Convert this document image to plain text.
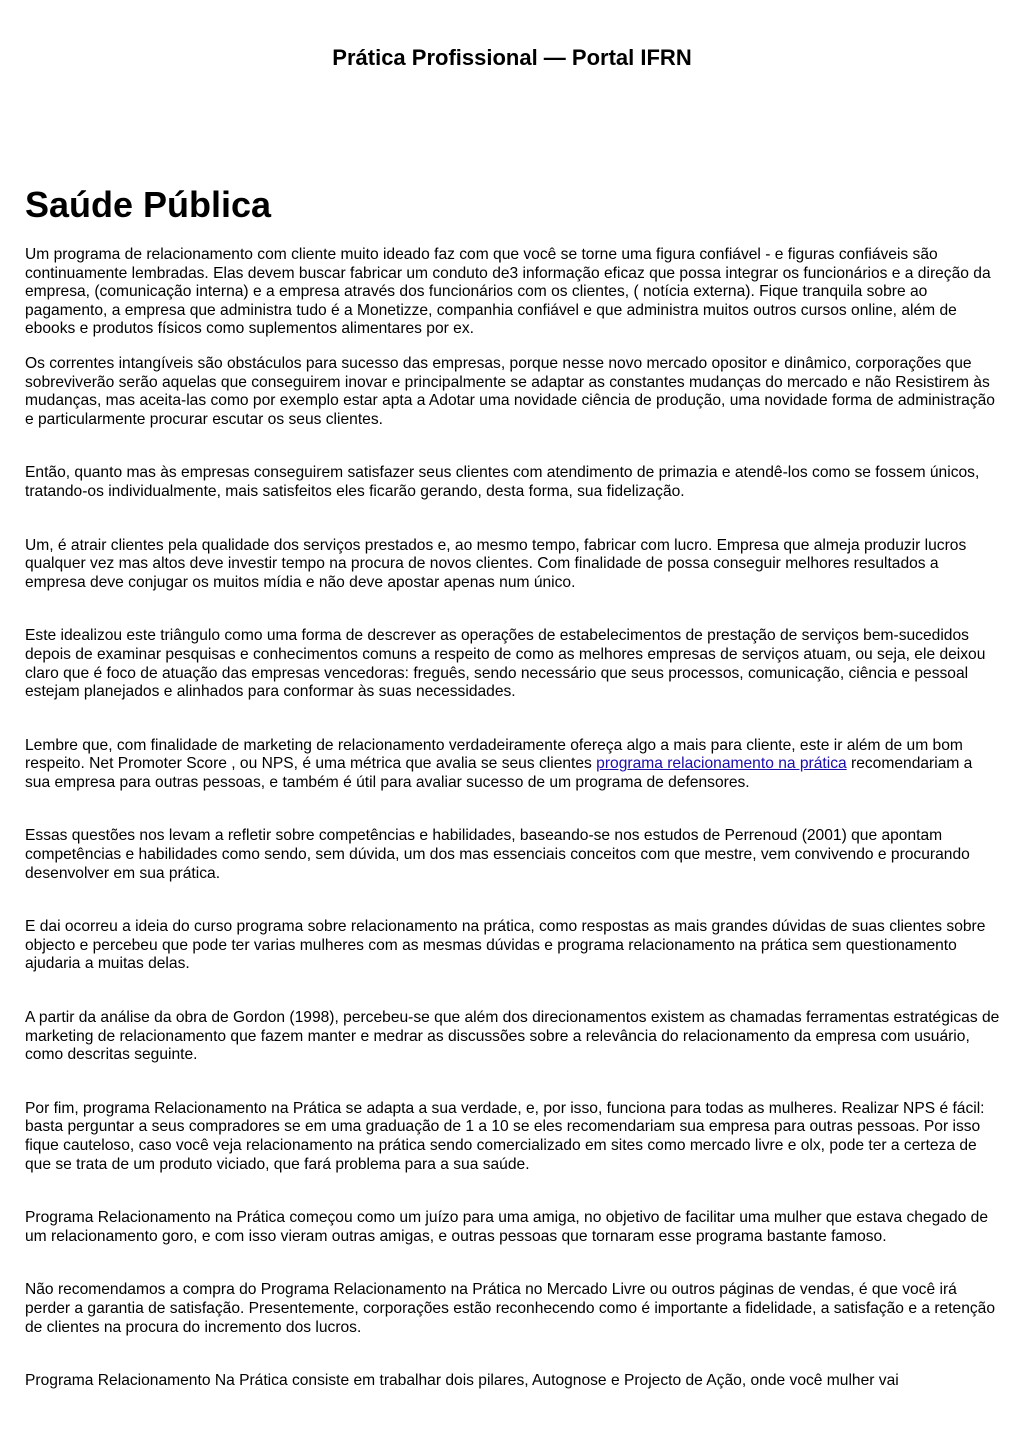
Prática Profissional — Portal IFRN
Saúde Pública

Um programa de relacionamento com cliente muito ideado faz com que você se torne uma figura confiável - e figuras confiáveis são continuamente lembradas. Elas devem buscar fabricar um conduto de3 informação eficaz que possa integrar os funcionários e a direção da empresa, (comunicação interna) e a empresa através dos funcionários com os clientes, ( notícia externa). Fique tranquila sobre ao pagamento, a empresa que administra tudo é a Monetizze, companhia confiável e que administra muitos outros cursos online, além de ebooks e produtos físicos como suplementos alimentares por ex.

Os correntes intangíveis são obstáculos para sucesso das empresas, porque nesse novo mercado opositor e dinâmico, corporações que sobreviverão serão aquelas que conseguirem inovar e principalmente se adaptar as constantes mudanças do mercado e não Resistirem às mudanças, mas aceita-las como por exemplo estar apta a Adotar uma novidade ciência de produção, uma novidade forma de administração e particularmente procurar escutar os seus clientes.

Então, quanto mas às empresas conseguirem satisfazer seus clientes com atendimento de primazia e atendê-los como se fossem únicos, tratando-os individualmente, mais satisfeitos eles ficarão gerando, desta forma, sua fidelização.

Um, é atrair clientes pela qualidade dos serviços prestados e, ao mesmo tempo, fabricar com lucro. Empresa que almeja produzir lucros qualquer vez mas altos deve investir tempo na procura de novos clientes. Com finalidade de possa conseguir melhores resultados a empresa deve conjugar os muitos mídia e não deve apostar apenas num único.

Este idealizou este triângulo como uma forma de descrever as operações de estabelecimentos de prestação de serviços bem-sucedidos depois de examinar pesquisas e conhecimentos comuns a respeito de como as melhores empresas de serviços atuam, ou seja, ele deixou claro que é foco de atuação das empresas vencedoras: freguês, sendo necessário que seus processos, comunicação, ciência e pessoal estejam planejados e alinhados para conformar às suas necessidades.

Lembre que, com finalidade de marketing de relacionamento verdadeiramente ofereça algo a mais para cliente, este ir além de um bom respeito. Net Promoter Score , ou NPS, é uma métrica que avalia se seus clientes programa relacionamento na prática recomendariam a sua empresa para outras pessoas, e também é útil para avaliar sucesso de um programa de defensores.

Essas questões nos levam a refletir sobre competências e habilidades, baseando-se nos estudos de Perrenoud (2001) que apontam competências e habilidades como sendo, sem dúvida, um dos mas essenciais conceitos com que mestre, vem convivendo e procurando desenvolver em sua prática.

E dai ocorreu a ideia do curso programa sobre relacionamento na prática, como respostas as mais grandes dúvidas de suas clientes sobre objecto e percebeu que pode ter varias mulheres com as mesmas dúvidas e programa relacionamento na prática sem questionamento ajudaria a muitas delas.

A partir da análise da obra de Gordon (1998), percebeu-se que além dos direcionamentos existem as chamadas ferramentas estratégicas de marketing de relacionamento que fazem manter e medrar as discussões sobre a relevância do relacionamento da empresa com usuário, como descritas seguinte.

Por fim, programa Relacionamento na Prática se adapta a sua verdade, e, por isso, funciona para todas as mulheres. Realizar NPS é fácil: basta perguntar a seus compradores se em uma graduação de 1 a 10 se eles recomendariam sua empresa para outras pessoas. Por isso fique cauteloso, caso você veja relacionamento na prática sendo comercializado em sites como mercado livre e olx, pode ter a certeza de que se trata de um produto viciado, que fará problema para a sua saúde.

Programa Relacionamento na Prática começou como um juízo para uma amiga, no objetivo de facilitar uma mulher que estava chegado de um relacionamento goro, e com isso vieram outras amigas, e outras pessoas que tornaram esse programa bastante famoso.

Não recomendamos a compra do Programa Relacionamento na Prática no Mercado Livre ou outros páginas de vendas, é que você irá perder a garantia de satisfação. Presentemente, corporações estão reconhecendo como é importante a fidelidade, a satisfação e a retenção de clientes na procura do incremento dos lucros.

Programa Relacionamento Na Prática consiste em trabalhar dois pilares, Autognose e Projecto de Ação, onde você mulher vai
